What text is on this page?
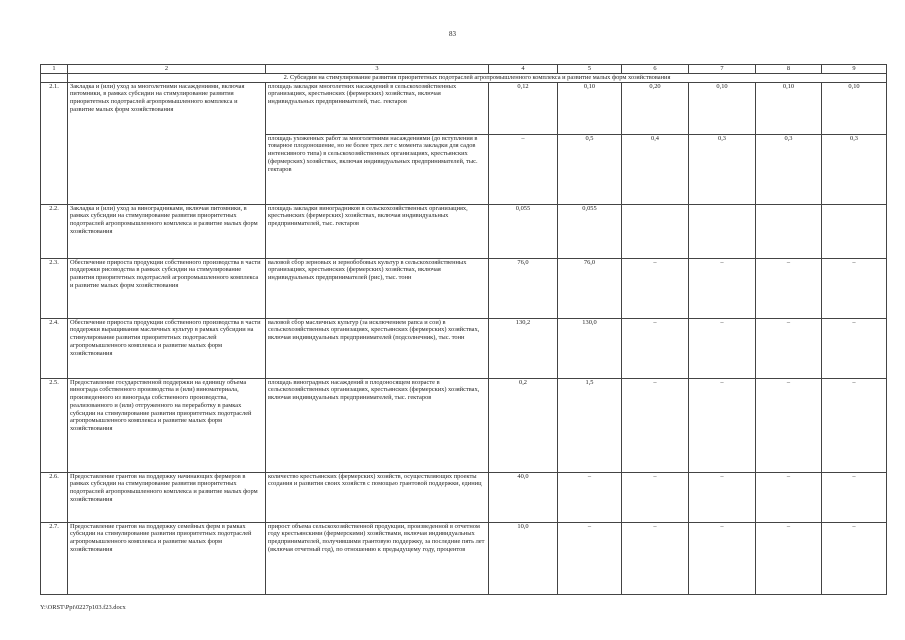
83
1	2	3	4	5	6	7	8	9
	2. Субсидии на стимулирование развития приоритетных подотраслей агропромышленного комплекса и развитие малых форм хозяйствования							
2.1.	Закладка и (или) уход за многолетними насаждениями, включая питомники, в рамках субсидии на стимулирование развития приоритетных подотраслей агропромышленного комплекса и развитие малых форм хозяйствования	площадь закладки многолетних насаждений в сельскохозяйственных организациях, крестьянских (фермерских) хозяйствах, включая индивидуальных предпринимателей, тыс. гектаров	0,12	0,10	0,20	0,10	0,10	0,10
		площадь ухоженных работ за многолетними насаждениями (до вступления в товарное плодоношение, но не более трех лет с момента закладки для садов интенсивного типа) в сельскохозяйственных организациях, крестьянских (фермерских) хозяйствах, включая индивидуальных предпринимателей, тыс. гектаров	–	0,5	0,4	0,3	0,3	0,3
2.2.	Закладка и (или) уход за виноградниками, включая питомники, в рамках субсидии на стимулирование развития приоритетных подотраслей агропромышленного комплекса и развитие малых форм хозяйствования	площадь закладки виноградников в сельскохозяйственных организациях, крестьянских (фермерских) хозяйствах, включая индивидуальных предпринимателей, тыс. гектаров	0,055	0,055				
2.3.	Обеспечение прироста продукции собственного производства в части поддержки рисоводства в рамках субсидии на стимулирование развития приоритетных подотраслей агропромышленного комплекса и развитие малых форм хозяйствования	валовой сбор зерновых и зернобобовых культур в сельскохозяйственных организациях, крестьянских (фермерских) хозяйствах, включая индивидуальных предпринимателей (рис), тыс. тонн	76,0	76,0	–	–	–	–
2.4.	Обеспечение прироста продукции собственного производства в части поддержки выращивания масличных культур в рамках субсидии на стимулирование развития приоритетных подотраслей агропромышленного комплекса и развитие малых форм хозяйствования	валовой сбор масличных культур (за исключением рапса и сои) в сельскохозяйственных организациях, крестьянских (фермерских) хозяйствах, включая индивидуальных предпринимателей (подсолнечник), тыс. тонн	130,2	130,0	–	–	–	–
2.5.	Предоставление государственной поддержки на единицу объема винограда собственного производства и (или) виноматериала, произведенного из винограда собственного производства, реализованного и (или) отгруженного на переработку в рамках субсидии на стимулирование развития приоритетных подотраслей агропромышленного комплекса и развитие малых форм хозяйствования	площадь виноградных насаждений в плодоносящем возрасте в сельскохозяйственных организациях, крестьянских (фермерских) хозяйствах, включая индивидуальных предпринимателей, тыс. гектаров	0,2	1,5	–	–	–	–
2.6.	Предоставление грантов на поддержку начинающих фермеров в рамках субсидии на стимулирование развития приоритетных подотраслей агропромышленного комплекса и развитие малых форм хозяйствования	количество крестьянских (фермерских) хозяйств, осуществляющих проекты создания и развития своих хозяйств с помощью грантовой поддержки, единиц	40,0	–	–	–	–	–
2.7.	Предоставление грантов на поддержку семейных ферм в рамках субсидии на стимулирование развития приоритетных подотраслей агропромышленного комплекса и развитие малых форм хозяйствования	прирост объема сельскохозяйственной продукции, произведенной в отчетном году крестьянскими (фермерскими) хозяйствами, включая индивидуальных предпринимателей, получившими грантовую поддержку, за последние пять лет (включая отчетный год), по отношению к предыдущему году, процентов	10,0	–	–	–	–	–
Y:\ORST\Ppi\0227p103.f23.docx
